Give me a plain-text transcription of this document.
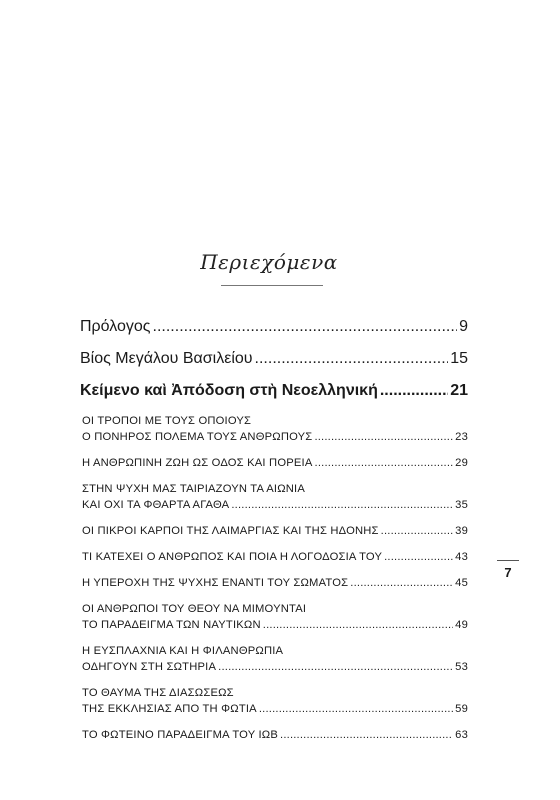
Περιεχόμενα
Πρόλογος .....	9
Βίος Μεγάλου Βασιλείου .....	15
Κείμενο καὶ Ἀπόδοση στὴ Νεοελληνική .....	21
ΟΙ ΤΡΟΠΟΙ ΜΕ ΤΟΥΣ ΟΠΟΙΟΥΣ
Ο ΠΟΝΗΡΟΣ ΠΟΛΕΜΑ ΤΟΥΣ ΑΝΘΡΩΠΟΥΣ .....	23
Η ΑΝΘΡΩΠΙΝΗ ΖΩΗ ΩΣ ΟΔΟΣ ΚΑΙ ΠΟΡΕΙΑ .....	29
ΣΤΗΝ ΨΥΧΗ ΜΑΣ ΤΑΙΡΙΑΖΟΥΝ ΤΑ ΑΙΩΝΙΑ
ΚΑΙ ΟΧΙ ΤΑ ΦΘΑΡΤΑ ΑΓΑΘΑ .....	35
ΟΙ ΠΙΚΡΟΙ ΚΑΡΠΟΙ ΤΗΣ ΛΑΙΜΑΡΓΙΑΣ ΚΑΙ ΤΗΣ ΗΔΟΝΗΣ .....	39
ΤΙ ΚΑΤΕΧΕΙ Ο ΑΝΘΡΩΠΟΣ ΚΑΙ ΠΟΙΑ Η ΛΟΓΟΔΟΣΙΑ ΤΟΥ .....	43
Η ΥΠΕΡΟΧΗ ΤΗΣ ΨΥΧΗΣ ΕΝΑΝΤΙ ΤΟΥ ΣΩΜΑΤΟΣ .....	45
ΟΙ ΑΝΘΡΩΠΟΙ ΤΟΥ ΘΕΟΥ ΝΑ ΜΙΜΟΥΝΤΑΙ
ΤΟ ΠΑΡΑΔΕΙΓΜΑ ΤΩΝ ΝΑΥΤΙΚΩΝ .....	49
Η ΕΥΣΠΛΑΧΝΙΑ ΚΑΙ Η ΦΙΛΑΝΘΡΩΠΙΑ
ΟΔΗΓΟΥΝ ΣΤΗ ΣΩΤΗΡΙΑ .....	53
ΤΟ ΘΑΥΜΑ ΤΗΣ ΔΙΑΣΩΣΕΩΣ
ΤΗΣ ΕΚΚΛΗΣΙΑΣ ΑΠΟ ΤΗ ΦΩΤΙΑ .....	59
ΤΟ ΦΩΤΕΙΝΟ ΠΑΡΑΔΕΙΓΜΑ ΤΟΥ ΙΩΒ .....	63
7
